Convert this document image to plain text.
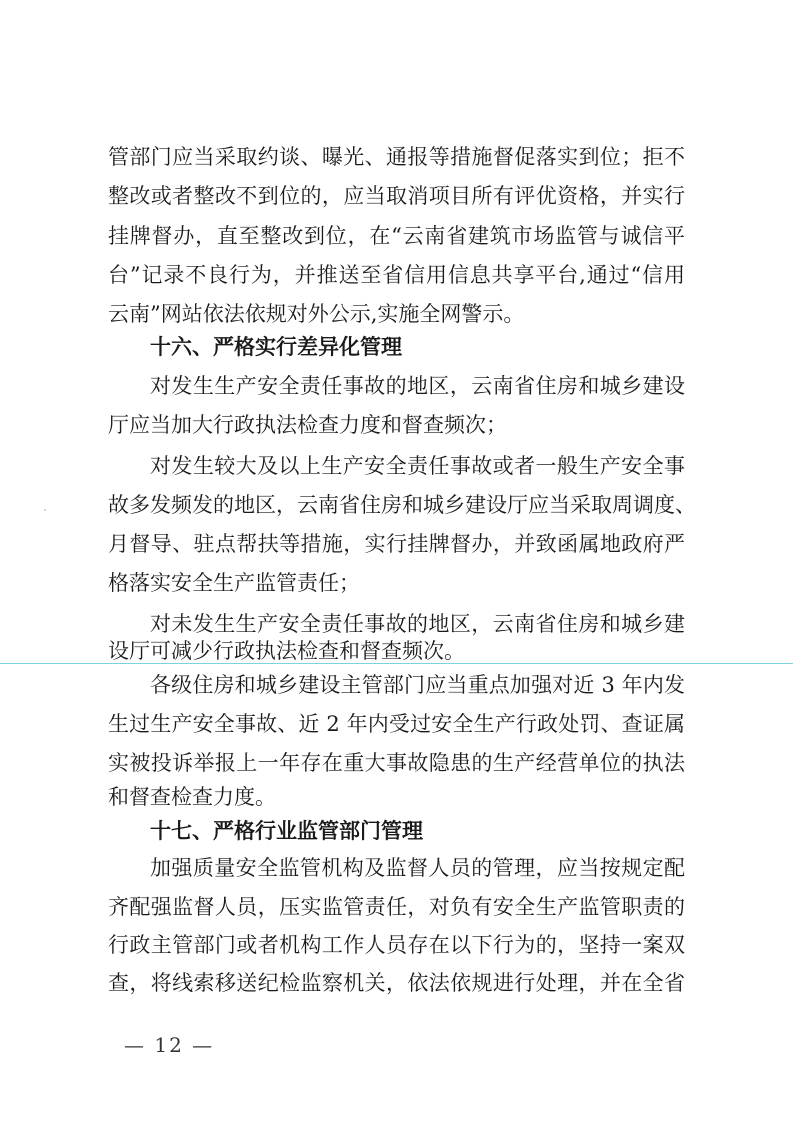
管部门应当采取约谈、曝光、通报等措施督促落实到位；拒不
整改或者整改不到位的，应当取消项目所有评优资格，并实行
挂牌督办，直至整改到位，在“云南省建筑市场监管与诚信平
台”记录不良行为，并推送至省信用信息共享平台,通过“信用
云南”网站依法依规对外公示,实施全网警示。
十六、严格实行差异化管理
对发生生产安全责任事故的地区，云南省住房和城乡建设
厅应当加大行政执法检查力度和督查频次；
对发生较大及以上生产安全责任事故或者一般生产安全事
故多发频发的地区，云南省住房和城乡建设厅应当采取周调度、
月督导、驻点帮扶等措施，实行挂牌督办，并致函属地政府严
格落实安全生产监管责任；
对未发生生产安全责任事故的地区，云南省住房和城乡建
设厅可减少行政执法检查和督查频次。
各级住房和城乡建设主管部门应当重点加强对近 3 年内发
生过生产安全事故、近 2 年内受过安全生产行政处罚、查证属
实被投诉举报上一年存在重大事故隐患的生产经营单位的执法
和督查检查力度。
十七、严格行业监管部门管理
加强质量安全监管机构及监督人员的管理，应当按规定配
齐配强监督人员，压实监管责任，对负有安全生产监管职责的
行政主管部门或者机构工作人员存在以下行为的，坚持一案双
查，将线索移送纪检监察机关，依法依规进行处理，并在全省
— 12 —
